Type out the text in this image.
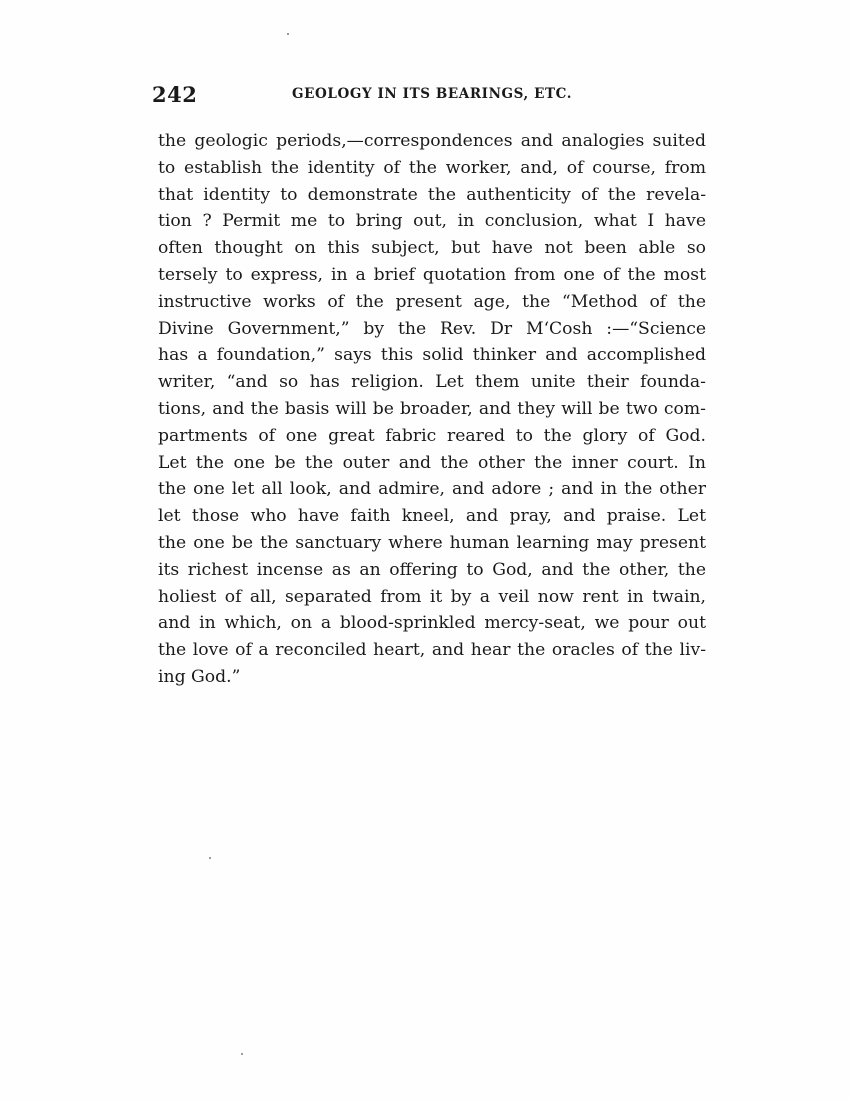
242	GEOLOGY IN ITS BEARINGS, ETC.
the geologic periods,—correspondences and analogies suited
to establish the identity of the worker, and, of course, from
that identity to demonstrate the authenticity of the revela-
tion ? Permit me to bring out, in conclusion, what I have
often thought on this subject, but have not been able so
tersely to express, in a brief quotation from one of the most
instructive works of the present age, the “Method of the
Divine Government,” by the Rev. Dr M‘Cosh :—“Science
has a foundation,” says this solid thinker and accomplished
writer, “and so has religion. Let them unite their founda-
tions, and the basis will be broader, and they will be two com-
partments of one great fabric reared to the glory of God.
Let the one be the outer and the other the inner court. In
the one let all look, and admire, and adore ; and in the other
let those who have faith kneel, and pray, and praise. Let
the one be the sanctuary where human learning may present
its richest incense as an offering to God, and the other, the
holiest of all, separated from it by a veil now rent in twain,
and in which, on a blood-sprinkled mercy-seat, we pour out
the love of a reconciled heart, and hear the oracles of the liv-
ing God.”
